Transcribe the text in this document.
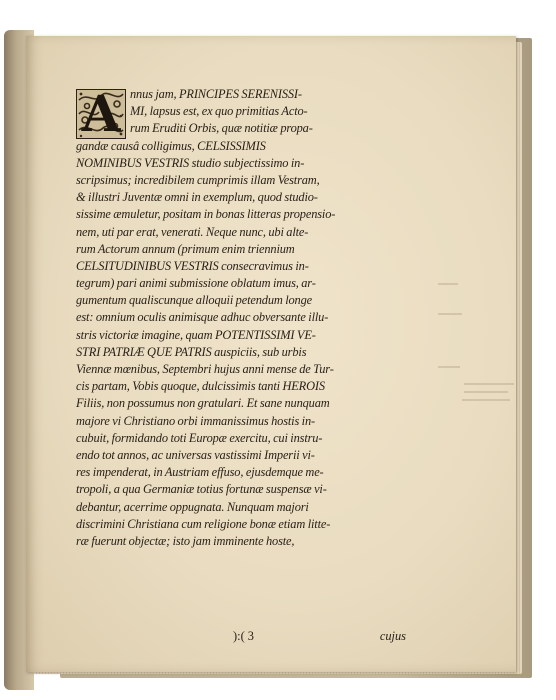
A nnus jam, PRINCIPES SERENISSI-
MI, lapsus est, ex quo primitias Acto-
rum Eruditi Orbis, quæ notitiæ propa-
gandæ causâ colligimus, CELSISSIMIS
NOMINIBUS VESTRIS studio subjectissimo in-
scripsimus; incredibilem cumprimis illam Vestram,
& illustri Juventæ omni in exemplum, quod studio-
sissime æmuletur, positam in bonas litteras propensio-
nem, uti par erat, venerati. Neque nunc, ubi alte-
rum Actorum annum (primum enim triennium
CELSITUDINIBUS VESTRIS consecravimus in-
tegrum) pari animi submissione oblatum imus, ar-
gumentum qualiscunque alloquii petendum longe
est: omnium oculis animisque adhuc obversante illu-
stris victoriæ imagine, quam POTENTISSIMI VE-
STRI PATRIÆ QUE PATRIS auspiciis, sub urbis
Viennæ mœnibus, Septembri hujus anni mense de Tur-
cis partam, Vobis quoque, dulcissimis tanti HEROIS
Filiis, non possumus non gratulari. Et sane nunquam
majore vi Christiano orbi immanissimus hostis in-
cubuit, formidando toti Europæ exercitu, cui instru-
endo tot annos, ac universas vastissimi Imperii vi-
res impenderat, in Austriam effuso, ejusdemque me-
tropoli, a qua Germaniæ totius fortunæ suspensæ vi-
debantur, acerrime oppugnata. Nunquam majori
discrimini Christiana cum religione bonæ etiam litte-
ræ fuerunt objectæ; isto jam imminente hoste,
):( 3	cujus
